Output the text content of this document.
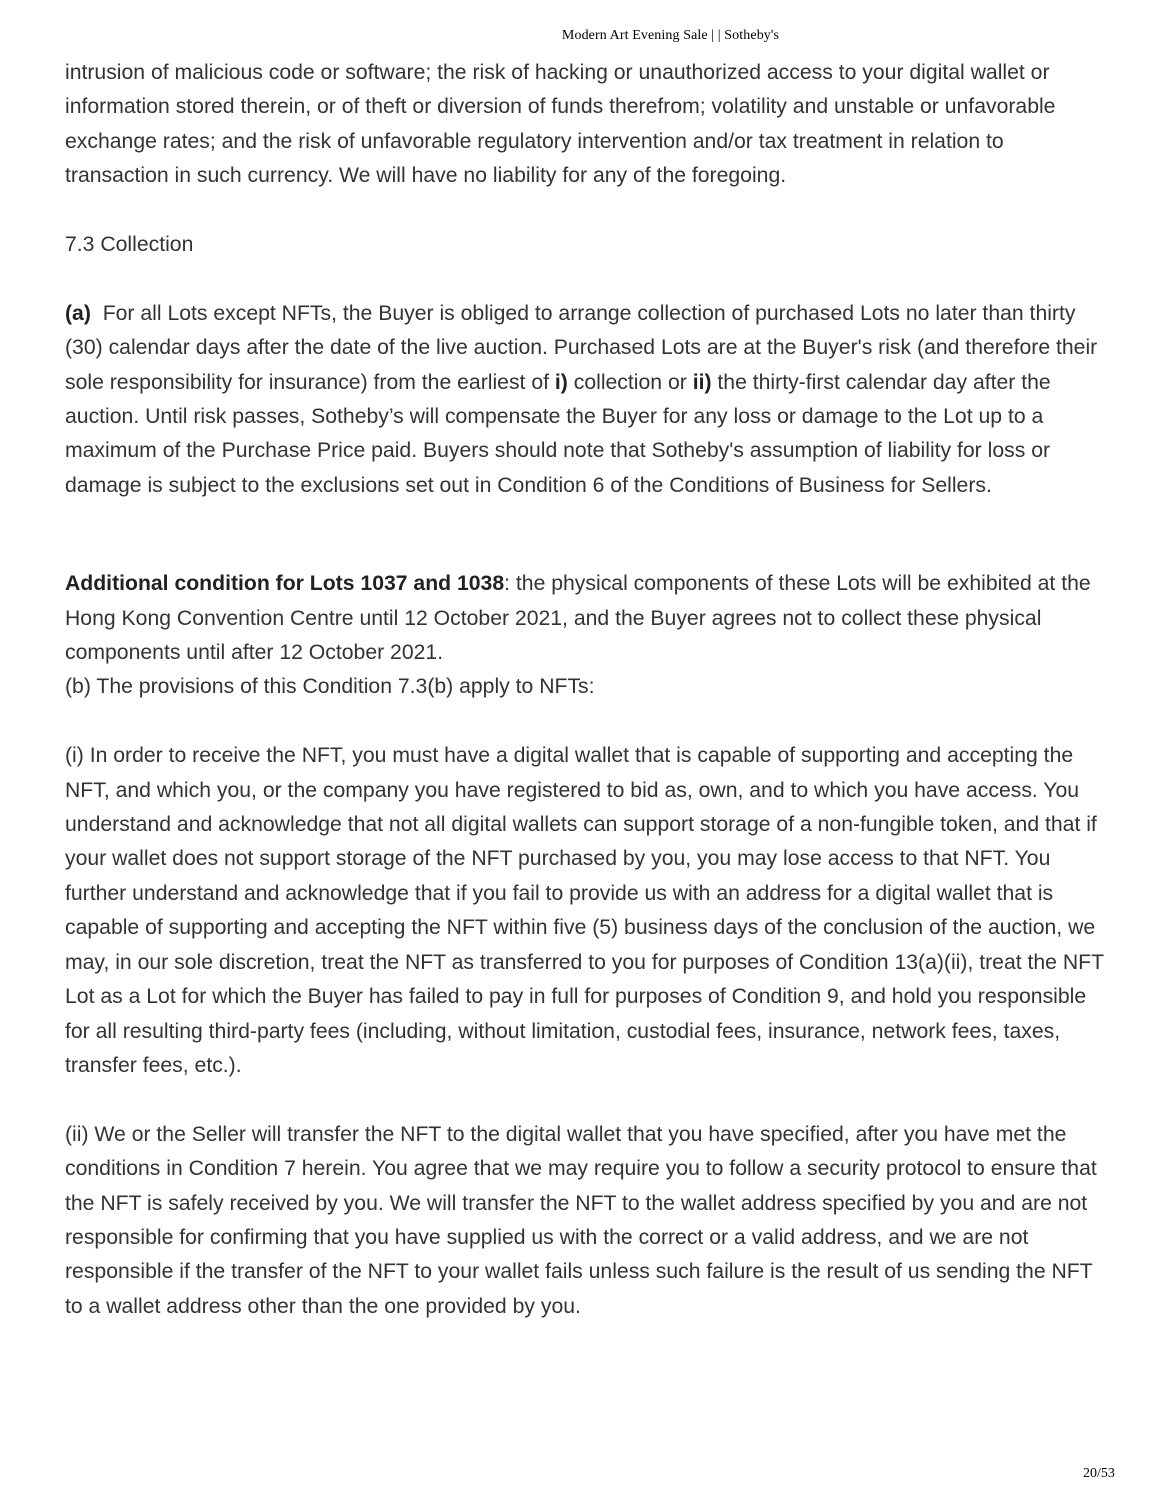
Modern Art Evening Sale | | Sotheby's

intrusion of malicious code or software; the risk of hacking or unauthorized access to your digital wallet or information stored therein, or of theft or diversion of funds therefrom; volatility and unstable or unfavorable exchange rates; and the risk of unfavorable regulatory intervention and/or tax treatment in relation to transaction in such currency. We will have no liability for any of the foregoing.

7.3 Collection

(a) For all Lots except NFTs, the Buyer is obliged to arrange collection of purchased Lots no later than thirty (30) calendar days after the date of the live auction. Purchased Lots are at the Buyer's risk (and therefore their sole responsibility for insurance) from the earliest of i) collection or ii) the thirty-first calendar day after the auction. Until risk passes, Sotheby’s will compensate the Buyer for any loss or damage to the Lot up to a maximum of the Purchase Price paid. Buyers should note that Sotheby's assumption of liability for loss or damage is subject to the exclusions set out in Condition 6 of the Conditions of Business for Sellers.

Additional condition for Lots 1037 and 1038: the physical components of these Lots will be exhibited at the Hong Kong Convention Centre until 12 October 2021, and the Buyer agrees not to collect these physical components until after 12 October 2021.

(b) The provisions of this Condition 7.3(b) apply to NFTs:

(i) In order to receive the NFT, you must have a digital wallet that is capable of supporting and accepting the NFT, and which you, or the company you have registered to bid as, own, and to which you have access. You understand and acknowledge that not all digital wallets can support storage of a non-fungible token, and that if your wallet does not support storage of the NFT purchased by you, you may lose access to that NFT. You further understand and acknowledge that if you fail to provide us with an address for a digital wallet that is capable of supporting and accepting the NFT within five (5) business days of the conclusion of the auction, we may, in our sole discretion, treat the NFT as transferred to you for purposes of Condition 13(a)(ii), treat the NFT Lot as a Lot for which the Buyer has failed to pay in full for purposes of Condition 9, and hold you responsible for all resulting third-party fees (including, without limitation, custodial fees, insurance, network fees, taxes, transfer fees, etc.).

(ii) We or the Seller will transfer the NFT to the digital wallet that you have specified, after you have met the conditions in Condition 7 herein. You agree that we may require you to follow a security protocol to ensure that the NFT is safely received by you. We will transfer the NFT to the wallet address specified by you and are not responsible for confirming that you have supplied us with the correct or a valid address, and we are not responsible if the transfer of the NFT to your wallet fails unless such failure is the result of us sending the NFT to a wallet address other than the one provided by you.

20/53
